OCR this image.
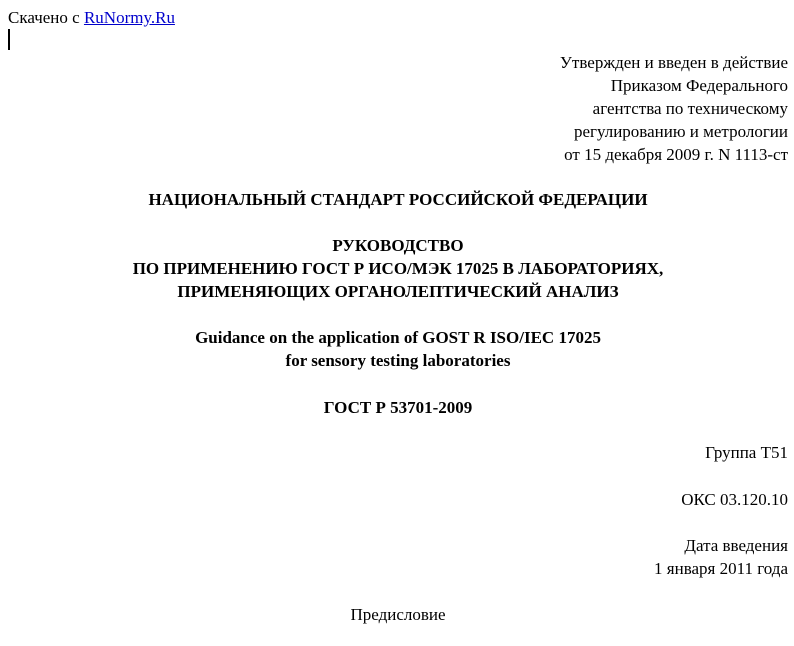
Скачено с RuNormy.Ru
Утвержден и введен в действие
Приказом Федерального
агентства по техническому
регулированию и метрологии
от 15 декабря 2009 г. N 1113-ст
НАЦИОНАЛЬНЫЙ СТАНДАРТ РОССИЙСКОЙ ФЕДЕРАЦИИ
РУКОВОДСТВО
ПО ПРИМЕНЕНИЮ ГОСТ Р ИСО/МЭК 17025 В ЛАБОРАТОРИЯХ,
ПРИМЕНЯЮЩИХ ОРГАНОЛЕПТИЧЕСКИЙ АНАЛИЗ
Guidance on the application of GOST R ISO/IEC 17025
for sensory testing laboratories
ГОСТ Р 53701-2009
Группа Т51
ОКС 03.120.10
Дата введения
1 января 2011 года
Предисловие
